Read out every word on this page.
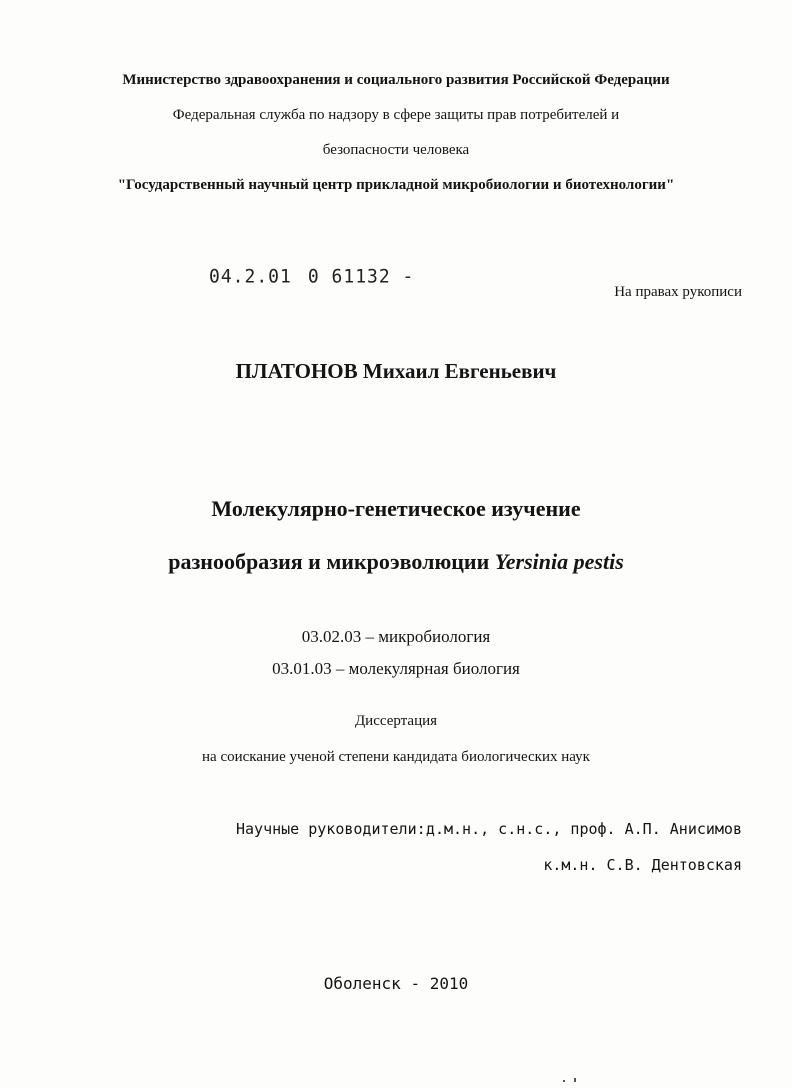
Министерство здравоохранения и социального развития Российской Федерации
Федеральная служба по надзору в сфере защиты прав потребителей и
безопасности человека
"Государственный научный центр прикладной микробиологии и биотехнологии"
04.2.01 0 61132 -
На правах рукописи
ПЛАТОНОВ Михаил Евгеньевич
Молекулярно-генетическое изучение
разнообразия и микроэволюции Yersinia pestis
03.02.03 – микробиология
03.01.03 – молекулярная биология
Диссертация
на соискание ученой степени кандидата биологических наук
Научные руководители: д.м.н., с.н.с., проф. А.П. Анисимов
к.м.н. С.В. Дентовская
Оболенск - 2010
